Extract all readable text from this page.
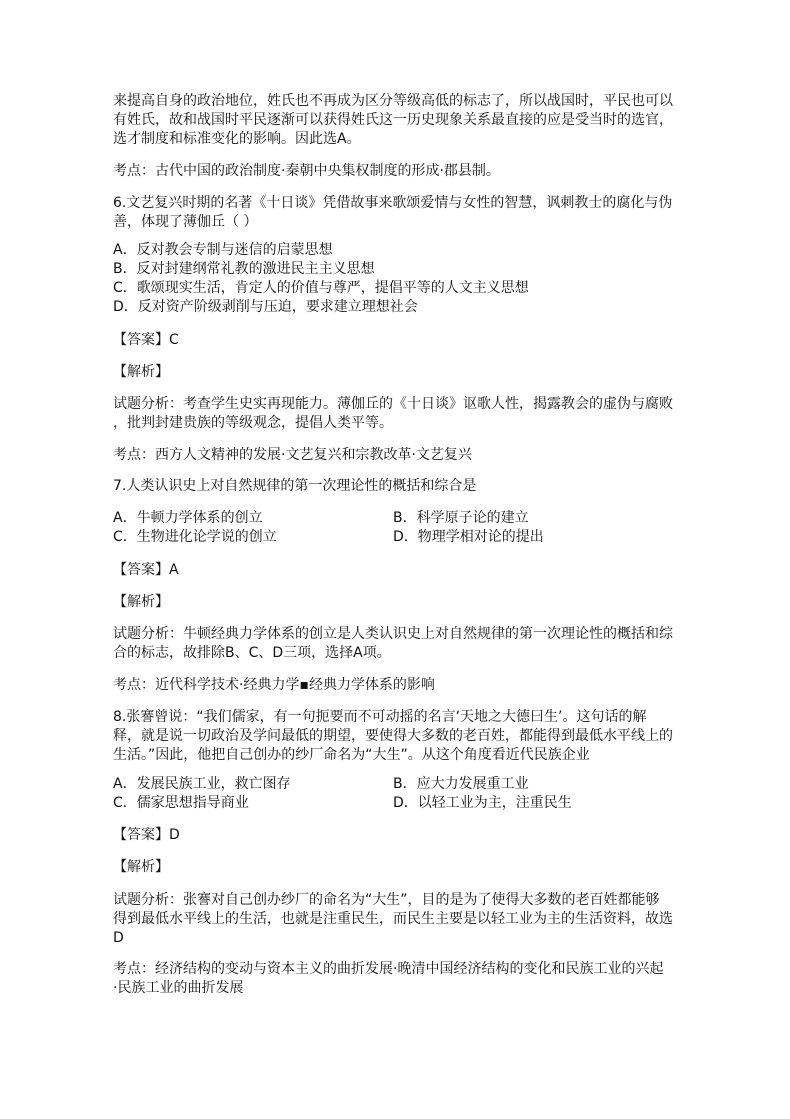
来提高自身的政治地位，姓氏也不再成为区分等级高低的标志了，所以战国时，平民也可以
有姓氏，故和战国时平民逐渐可以获得姓氏这一历史现象关系最直接的应是受当时的选官，
选才制度和标准变化的影响。因此选A。
考点：古代中国的政治制度·秦朝中央集权制度的形成·郡县制。
6.文艺复兴时期的名著《十日谈》凭借故事来歌颂爱情与女性的智慧，讽刺教士的腐化与伪
善，体现了薄伽丘（ ）
A．反对教会专制与迷信的启蒙思想
B．反对封建纲常礼教的激进民主主义思想
C．歌颂现实生活，肯定人的价值与尊严，提倡平等的人文主义思想
D．反对资产阶级剥削与压迫，要求建立理想社会
【答案】C
【解析】
试题分析：考查学生史实再现能力。薄伽丘的《十日谈》讴歌人性，揭露教会的虚伪与腐败
，批判封建贵族的等级观念，提倡人类平等。
考点：西方人文精神的发展·文艺复兴和宗教改革·文艺复兴
7.人类认识史上对自然规律的第一次理论性的概括和综合是
【答案】A
【解析】
试题分析：牛顿经典力学体系的创立是人类认识史上对自然规律的第一次理论性的概括和综
合的标志，故排除B、C、D三项，选择A项。
考点：近代科学技术·经典力学▪经典力学体系的影响
8.张謇曾说：“我们儒家，有一句扼要而不可动摇的名言‘天地之大德曰生’。这句话的解
释，就是说一切政治及学问最低的期望，要使得大多数的老百姓，都能得到最低水平线上的
生活。”因此，他把自己创办的纱厂命名为“大生”。从这个角度看近代民族企业
【答案】D
【解析】
试题分析：张謇对自己创办纱厂的命名为“大生”，目的是为了使得大多数的老百姓都能够
得到最低水平线上的生活，也就是注重民生，而民生主要是以轻工业为主的生活资料，故选
D
考点：经济结构的变动与资本主义的曲折发展·晚清中国经济结构的变化和民族工业的兴起
·民族工业的曲折发展
A．牛顿力学体系的创立	B．科学原子论的建立
C．生物进化论学说的创立	D．物理学相对论的提出
A．发展民族工业，救亡图存	B．应大力发展重工业
C．儒家思想指导商业	D．以轻工业为主，注重民生
